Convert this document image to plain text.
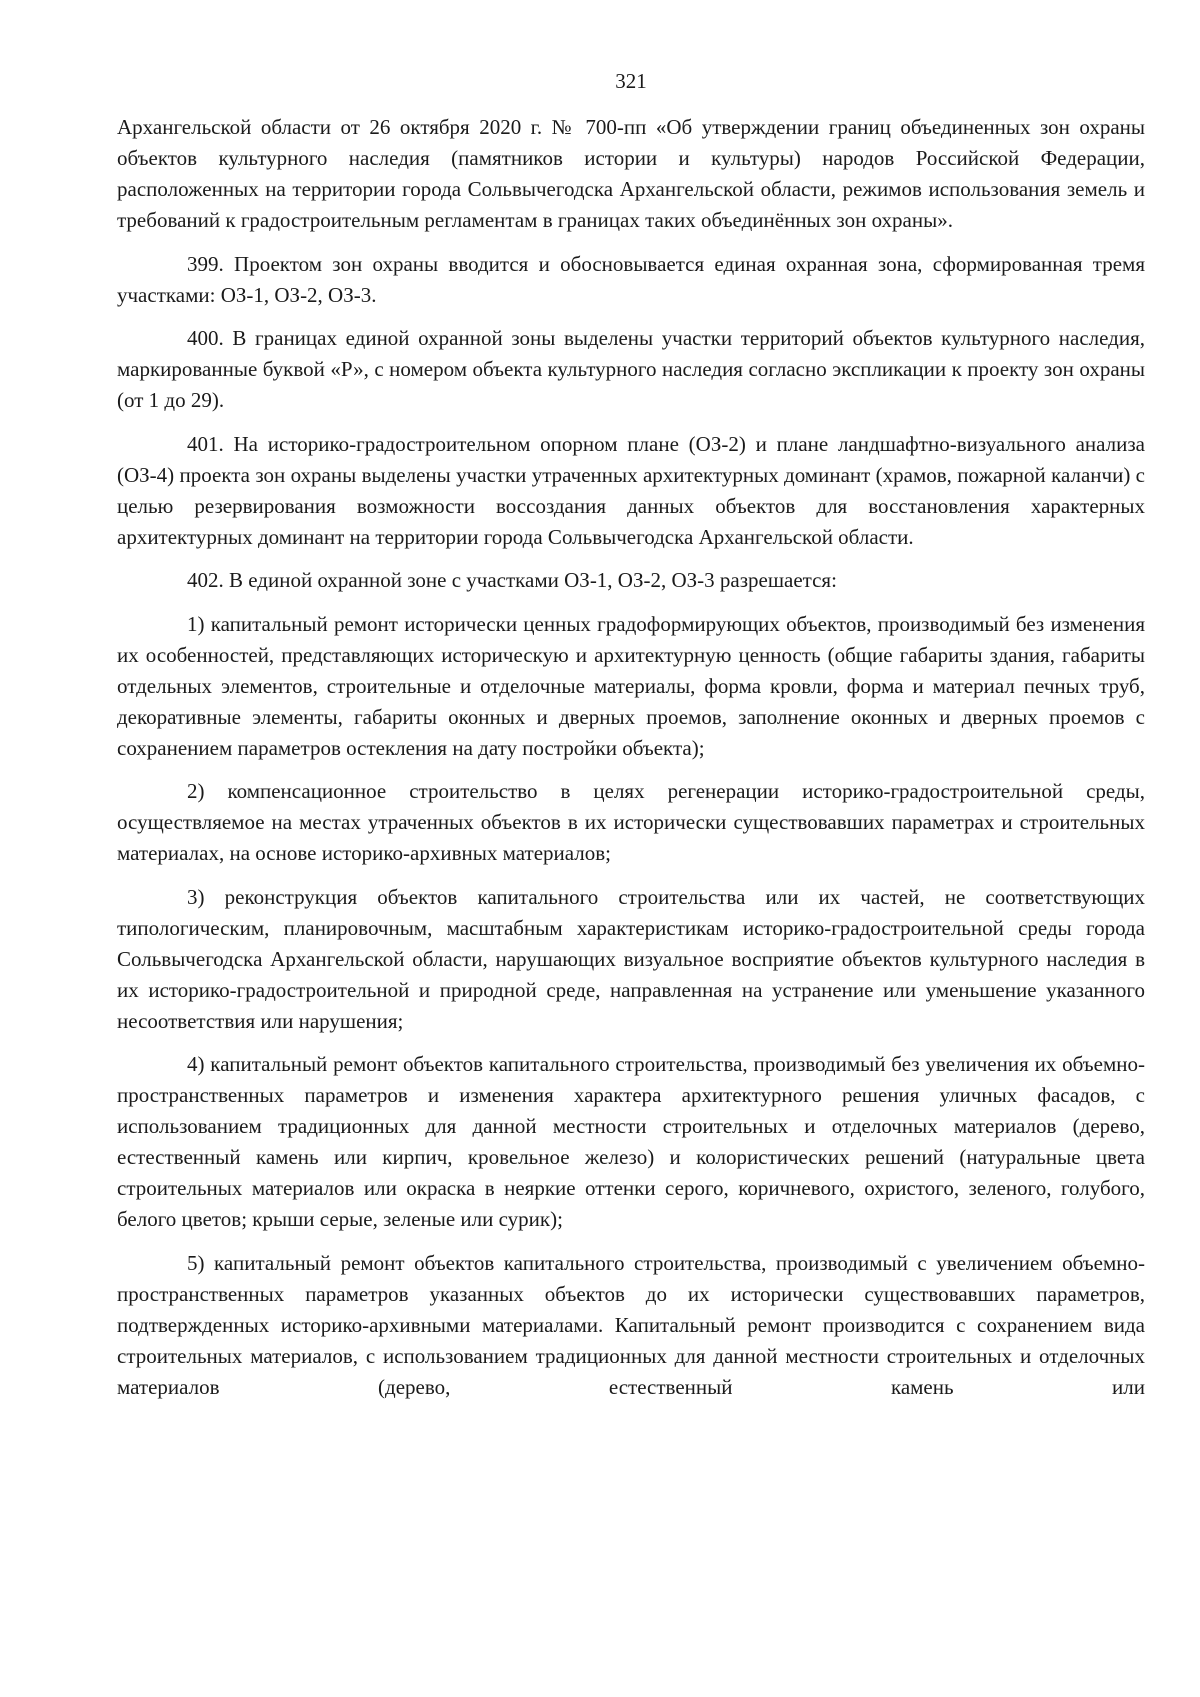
321

Архангельской области от 26 октября 2020 г. № 700-пп «Об утверждении границ объединенных зон охраны объектов культурного наследия (памятников истории и культуры) народов Российской Федерации, расположенных на территории города Сольвычегодска Архангельской области, режимов использования земель и требований к градостроительным регламентам в границах таких объединённых зон охраны».

399. Проектом зон охраны вводится и обосновывается единая охранная зона, сформированная тремя участками: ОЗ-1, ОЗ-2, ОЗ-3.

400. В границах единой охранной зоны выделены участки территорий объектов культурного наследия, маркированные буквой «Р», с номером объекта культурного наследия согласно экспликации к проекту зон охраны (от 1 до 29).

401. На историко-градостроительном опорном плане (ОЗ-2) и плане ландшафтно-визуального анализа (ОЗ-4) проекта зон охраны выделены участки утраченных архитектурных доминант (храмов, пожарной каланчи) с целью резервирования возможности воссоздания данных объектов для восстановления характерных архитектурных доминант на территории города Сольвычегодска Архангельской области.

402. В единой охранной зоне с участками ОЗ-1, ОЗ-2, ОЗ-3 разрешается:

1) капитальный ремонт исторически ценных градоформирующих объектов, производимый без изменения их особенностей, представляющих историческую и архитектурную ценность (общие габариты здания, габариты отдельных элементов, строительные и отделочные материалы, форма кровли, форма и материал печных труб, декоративные элементы, габариты оконных и дверных проемов, заполнение оконных и дверных проемов с сохранением параметров остекления на дату постройки объекта);

2) компенсационное строительство в целях регенерации историко-градостроительной среды, осуществляемое на местах утраченных объектов в их исторически существовавших параметрах и строительных материалах, на основе историко-архивных материалов;

3) реконструкция объектов капитального строительства или их частей, не соответствующих типологическим, планировочным, масштабным характеристикам историко-градостроительной среды города Сольвычегодска Архангельской области, нарушающих визуальное восприятие объектов культурного наследия в их историко-градостроительной и природной среде, направленная на устранение или уменьшение указанного несоответствия или нарушения;

4) капитальный ремонт объектов капитального строительства, производимый без увеличения их объемно-пространственных параметров и изменения характера архитектурного решения уличных фасадов, с использованием традиционных для данной местности строительных и отделочных материалов (дерево, естественный камень или кирпич, кровельное железо) и колористических решений (натуральные цвета строительных материалов или окраска в неяркие оттенки серого, коричневого, охристого, зеленого, голубого, белого цветов; крыши серые, зеленые или сурик);

5) капитальный ремонт объектов капитального строительства, производимый с увеличением объемно-пространственных параметров указанных объектов до их исторически существовавших параметров, подтвержденных историко-архивными материалами. Капитальный ремонт производится с сохранением вида строительных материалов, с использованием традиционных для данной местности строительных и отделочных материалов (дерево, естественный камень или
